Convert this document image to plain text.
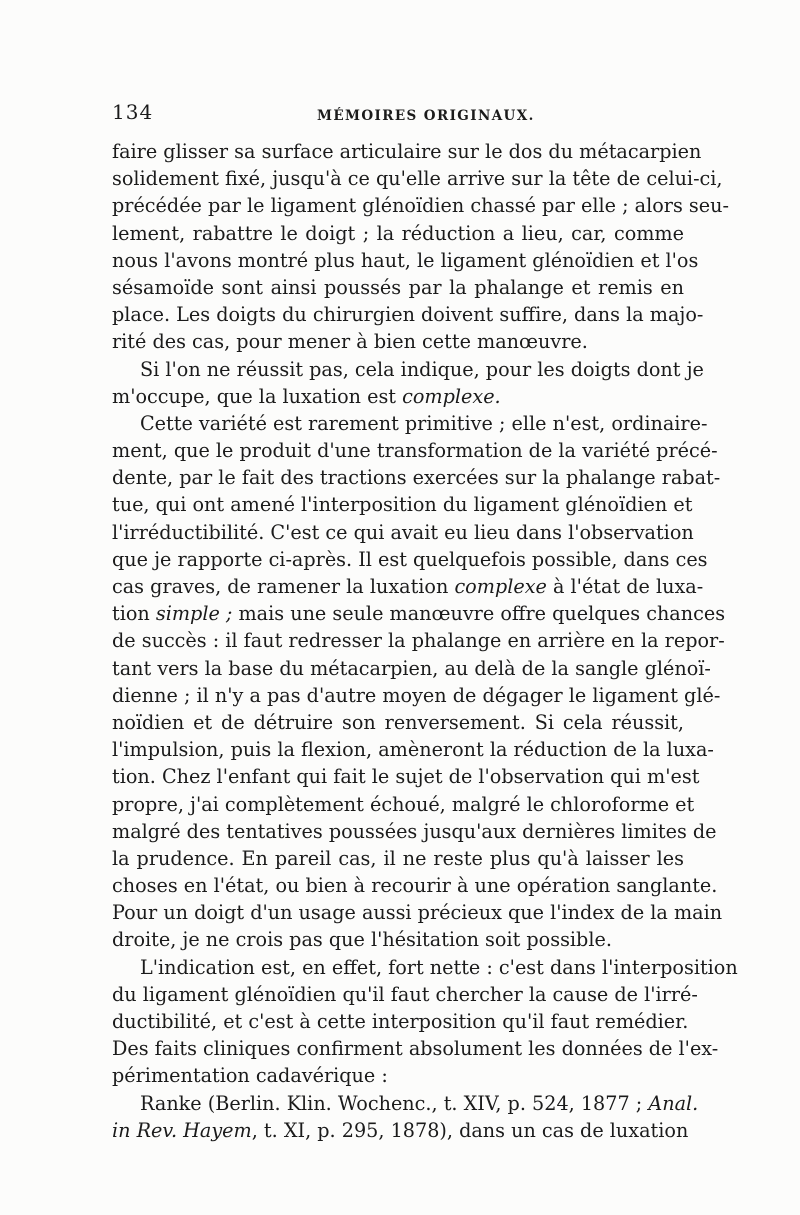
134	MÉMOIRES ORIGINAUX.
faire glisser sa surface articulaire sur le dos du métacarpien
solidement fixé, jusqu'à ce qu'elle arrive sur la tête de celui-ci,
précédée par le ligament glénoïdien chassé par elle ; alors seu-
lement, rabattre le doigt ; la réduction a lieu, car, comme
nous l'avons montré plus haut, le ligament glénoïdien et l'os
sésamoïde sont ainsi poussés par la phalange et remis en
place. Les doigts du chirurgien doivent suffire, dans la majo-
rité des cas, pour mener à bien cette manœuvre.
Si l'on ne réussit pas, cela indique, pour les doigts dont je
m'occupe, que la luxation est complexe.
Cette variété est rarement primitive ; elle n'est, ordinaire-
ment, que le produit d'une transformation de la variété précé-
dente, par le fait des tractions exercées sur la phalange rabat-
tue, qui ont amené l'interposition du ligament glénoïdien et
l'irréductibilité. C'est ce qui avait eu lieu dans l'observation
que je rapporte ci-après. Il est quelquefois possible, dans ces
cas graves, de ramener la luxation complexe à l'état de luxa-
tion simple ; mais une seule manœuvre offre quelques chances
de succès : il faut redresser la phalange en arrière en la repor-
tant vers la base du métacarpien, au delà de la sangle glénoï-
dienne ; il n'y a pas d'autre moyen de dégager le ligament glé-
noïdien et de détruire son renversement. Si cela réussit,
l'impulsion, puis la flexion, amèneront la réduction de la luxa-
tion. Chez l'enfant qui fait le sujet de l'observation qui m'est
propre, j'ai complètement échoué, malgré le chloroforme et
malgré des tentatives poussées jusqu'aux dernières limites de
la prudence. En pareil cas, il ne reste plus qu'à laisser les
choses en l'état, ou bien à recourir à une opération sanglante.
Pour un doigt d'un usage aussi précieux que l'index de la main
droite, je ne crois pas que l'hésitation soit possible.
L'indication est, en effet, fort nette : c'est dans l'interposition
du ligament glénoïdien qu'il faut chercher la cause de l'irré-
ductibilité, et c'est à cette interposition qu'il faut remédier.
Des faits cliniques confirment absolument les données de l'ex-
périmentation cadavérique :
Ranke (Berlin. Klin. Wochenc., t. XIV, p. 524, 1877 ; Anal.
in Rev. Hayem, t. XI, p. 295, 1878), dans un cas de luxation
